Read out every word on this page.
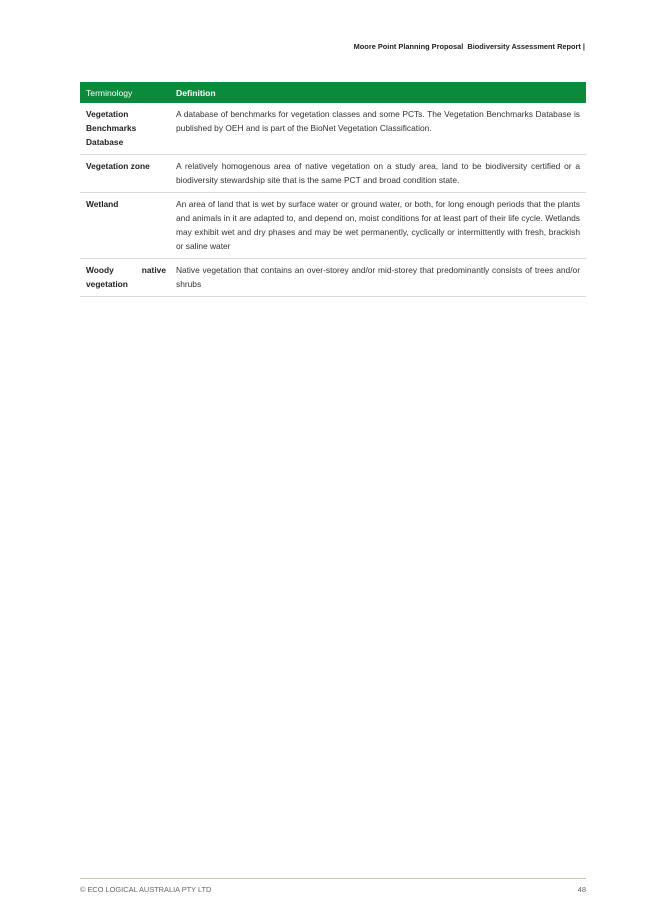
Moore Point Planning Proposal  Biodiversity Assessment Report |
Terminology	Definition
Vegetation Benchmarks Database	A database of benchmarks for vegetation classes and some PCTs. The Vegetation Benchmarks Database is published by OEH and is part of the BioNet Vegetation Classification.
Vegetation zone	A relatively homogenous area of native vegetation on a study area, land to be biodiversity certified or a biodiversity stewardship site that is the same PCT and broad condition state.
Wetland	An area of land that is wet by surface water or ground water, or both, for long enough periods that the plants and animals in it are adapted to, and depend on, moist conditions for at least part of their life cycle. Wetlands may exhibit wet and dry phases and may be wet permanently, cyclically or intermittently with fresh, brackish or saline water
Woody native vegetation	Native vegetation that contains an over-storey and/or mid-storey that predominantly consists of trees and/or shrubs
© ECO LOGICAL AUSTRALIA PTY LTD	48
